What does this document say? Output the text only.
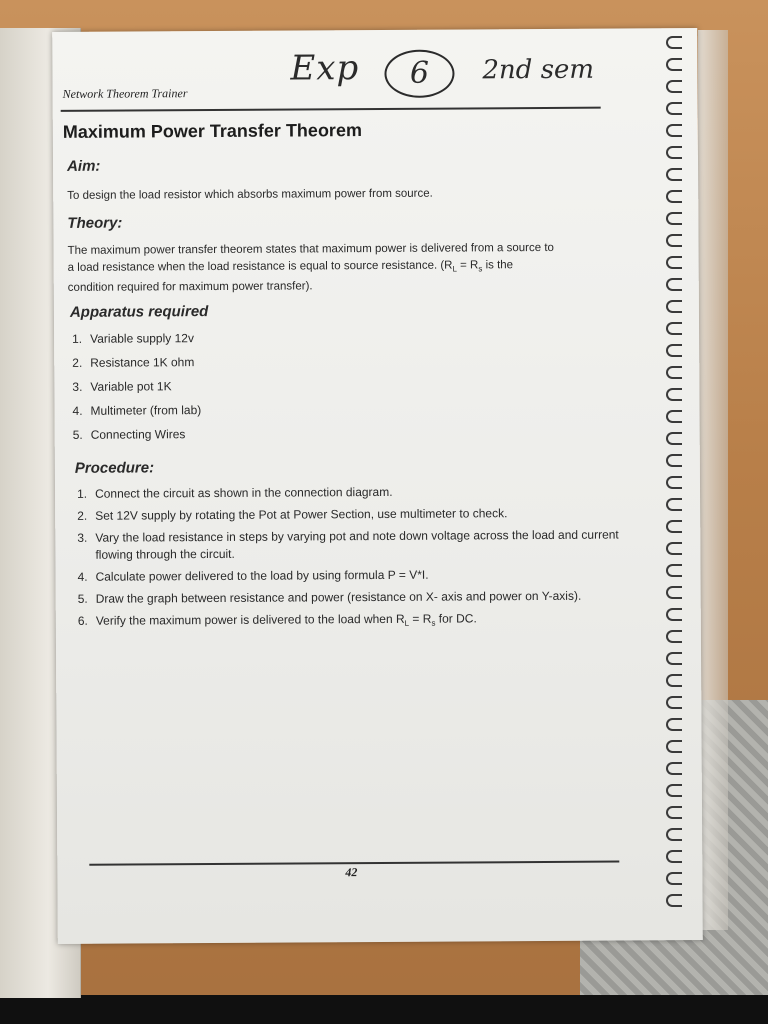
Network Theorem Trainer
Exp	6	2nd sem
Maximum Power Transfer Theorem
Aim:
To design the load resistor which absorbs maximum power from source.
Theory:
The maximum power transfer theorem states that maximum power is delivered from a source to
a load resistance when the load resistance is equal to source resistance. ($R_L = R_s$ is the
condition required for maximum power transfer).
Apparatus required
1. Variable supply 12v
2. Resistance 1K ohm
3. Variable pot 1K
4. Multimeter (from lab)
5. Connecting Wires
Procedure:
1. Connect the circuit as shown in the connection diagram.
2. Set 12V supply by rotating the Pot at Power Section, use multimeter to check.
3. Vary the load resistance in steps by varying pot and note down voltage across the load and current flowing through the circuit.
4. Calculate power delivered to the load by using formula P = V*I.
5. Draw the graph between resistance and power (resistance on X- axis and power on Y-axis).
6. Verify the maximum power is delivered to the load when $R_L = R_s$ for DC.
42
